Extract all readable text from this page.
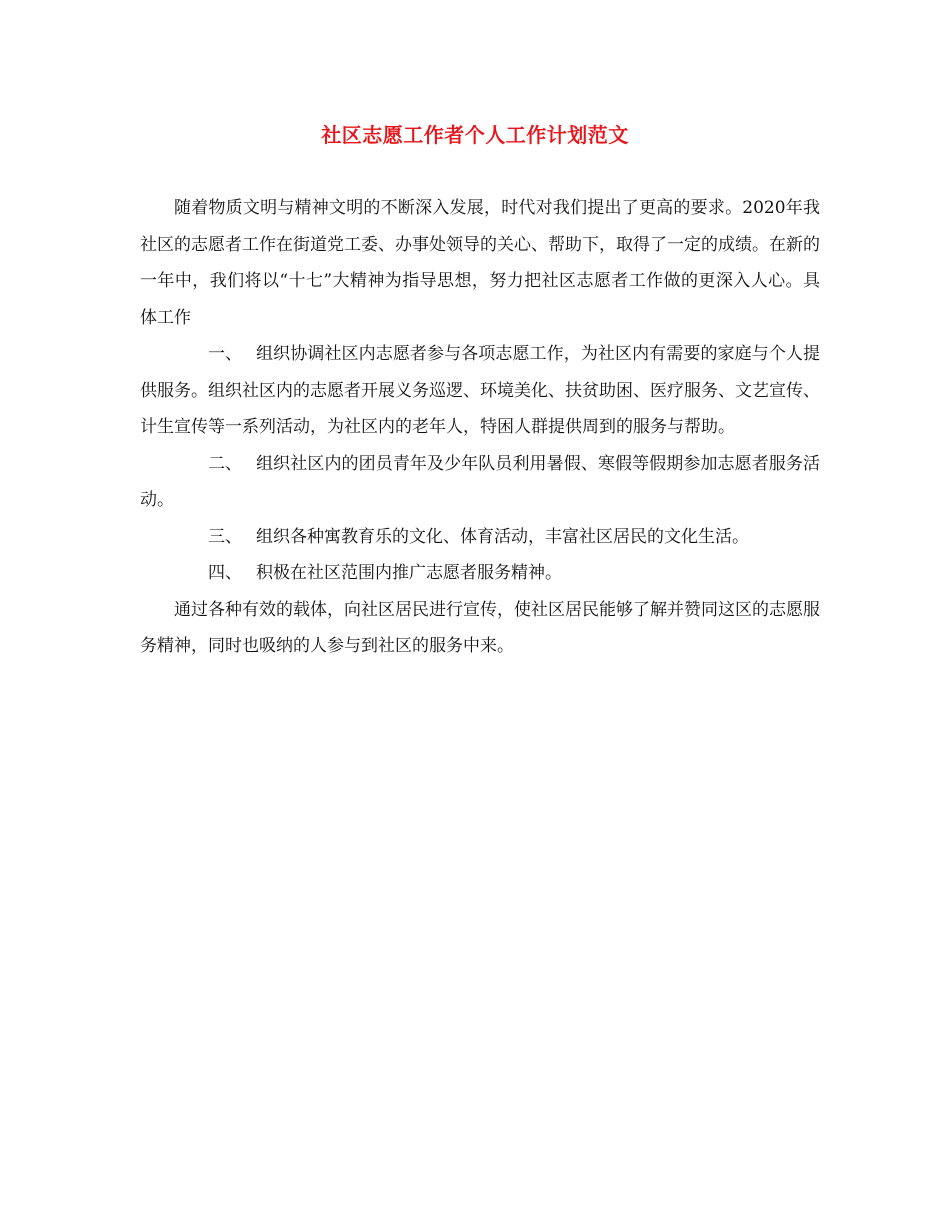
社区志愿工作者个人工作计划范文

随着物质文明与精神文明的不断深入发展，时代对我们提出了更高的要求。2020年我社区的志愿者工作在街道党工委、办事处领导的关心、帮助下，取得了一定的成绩。在新的一年中，我们将以“十七”大精神为指导思想，努力把社区志愿者工作做的更深入人心。具体工作

一、 组织协调社区内志愿者参与各项志愿工作，为社区内有需要的家庭与个人提供服务。组织社区内的志愿者开展义务巡逻、环境美化、扶贫助困、医疗服务、文艺宣传、计生宣传等一系列活动，为社区内的老年人，特困人群提供周到的服务与帮助。

二、 组织社区内的团员青年及少年队员利用暑假、寒假等假期参加志愿者服务活动。

三、 组织各种寓教育乐的文化、体育活动，丰富社区居民的文化生活。

四、 积极在社区范围内推广志愿者服务精神。

通过各种有效的载体，向社区居民进行宣传，使社区居民能够了解并赞同这区的志愿服务精神，同时也吸纳的人参与到社区的服务中来。
